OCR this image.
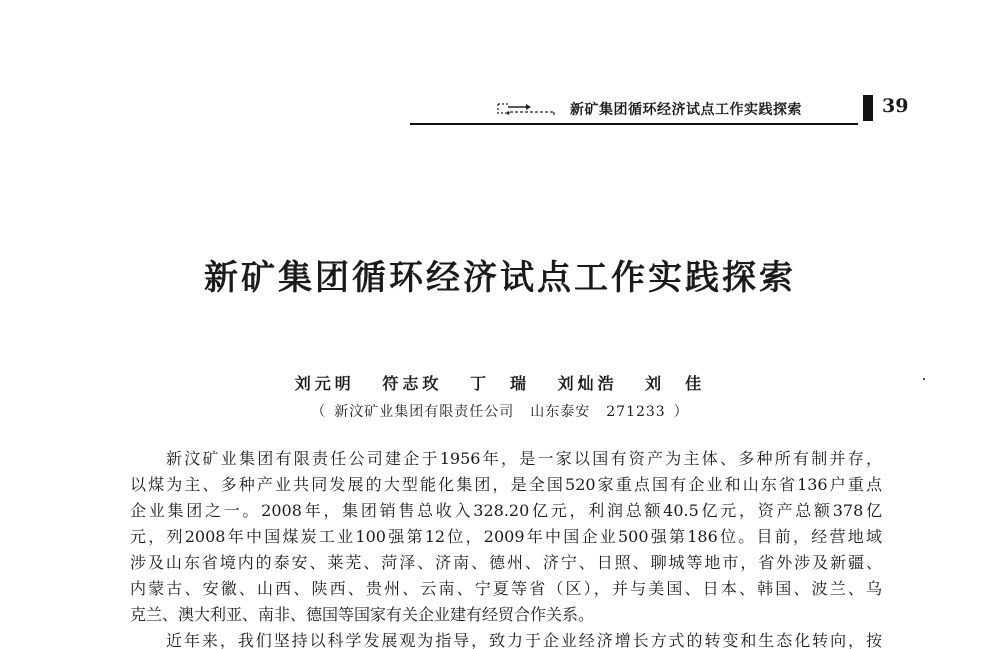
新矿集团循环经济试点工作实践探索	39
新矿集团循环经济试点工作实践探索
刘元明 符志玫 丁　瑞 刘灿浩 刘　佳
（ 新汶矿业集团有限责任公司 山东泰安 271233 ）
新汶矿业集团有限责任公司建企于1956年，是一家以国有资产为主体、多种所有制并存，
以煤为主、多种产业共同发展的大型能化集团，是全国520家重点国有企业和山东省136户重点
企业集团之一。2008年，集团销售总收入328.20亿元，利润总额40.5亿元，资产总额378亿
元，列2008年中国煤炭工业100强第12位，2009年中国企业500强第186位。目前，经营地域
涉及山东省境内的泰安、莱芜、菏泽、济南、德州、济宁、日照、聊城等地市，省外涉及新疆、
内蒙古、安徽、山西、陕西、贵州、云南、宁夏等省（区），并与美国、日本、韩国、波兰、乌
克兰、澳大利亚、南非、德国等国家有关企业建有经贸合作关系。
近年来，我们坚持以科学发展观为指导，致力于企业经济增长方式的转变和生态化转向，按
